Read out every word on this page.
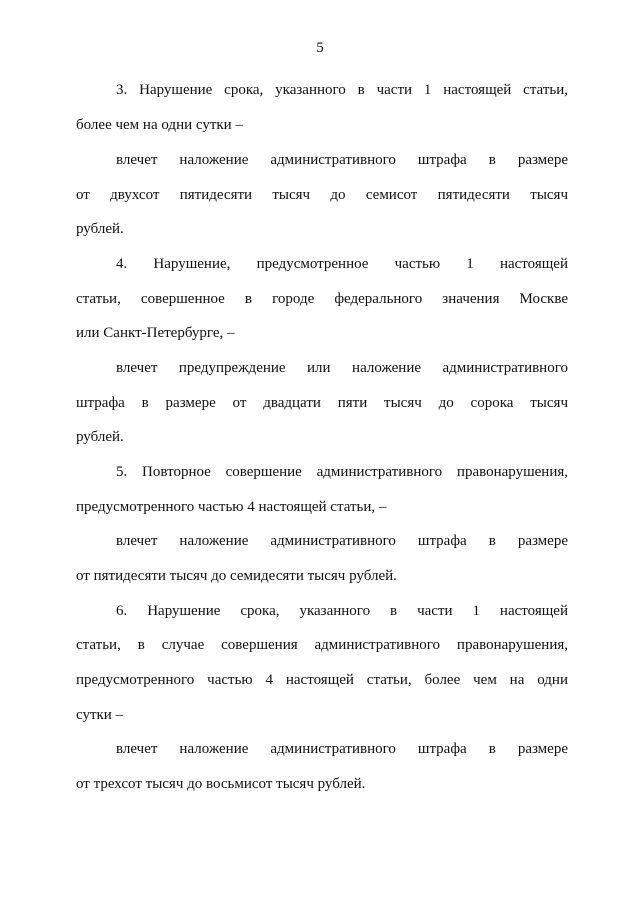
5
3. Нарушение срока, указанного в части 1 настоящей статьи,
более чем на одни сутки –
влечет наложение административного штрафа в размере
от двухсот пятидесяти тысяч до семисот пятидесяти тысяч
рублей.
4. Нарушение, предусмотренное частью 1 настоящей
статьи, совершенное в городе федерального значения Москве
или Санкт-Петербурге, –
влечет предупреждение или наложение административного
штрафа в размере от двадцати пяти тысяч до сорока тысяч
рублей.
5. Повторное совершение административного правонарушения,
предусмотренного частью 4 настоящей статьи, –
влечет наложение административного штрафа в размере
от пятидесяти тысяч до семидесяти тысяч рублей.
6. Нарушение срока, указанного в части 1 настоящей
статьи, в случае совершения административного правонарушения,
предусмотренного частью 4 настоящей статьи, более чем на одни
сутки –
влечет наложение административного штрафа в размере
от трехсот тысяч до восьмисот тысяч рублей.
